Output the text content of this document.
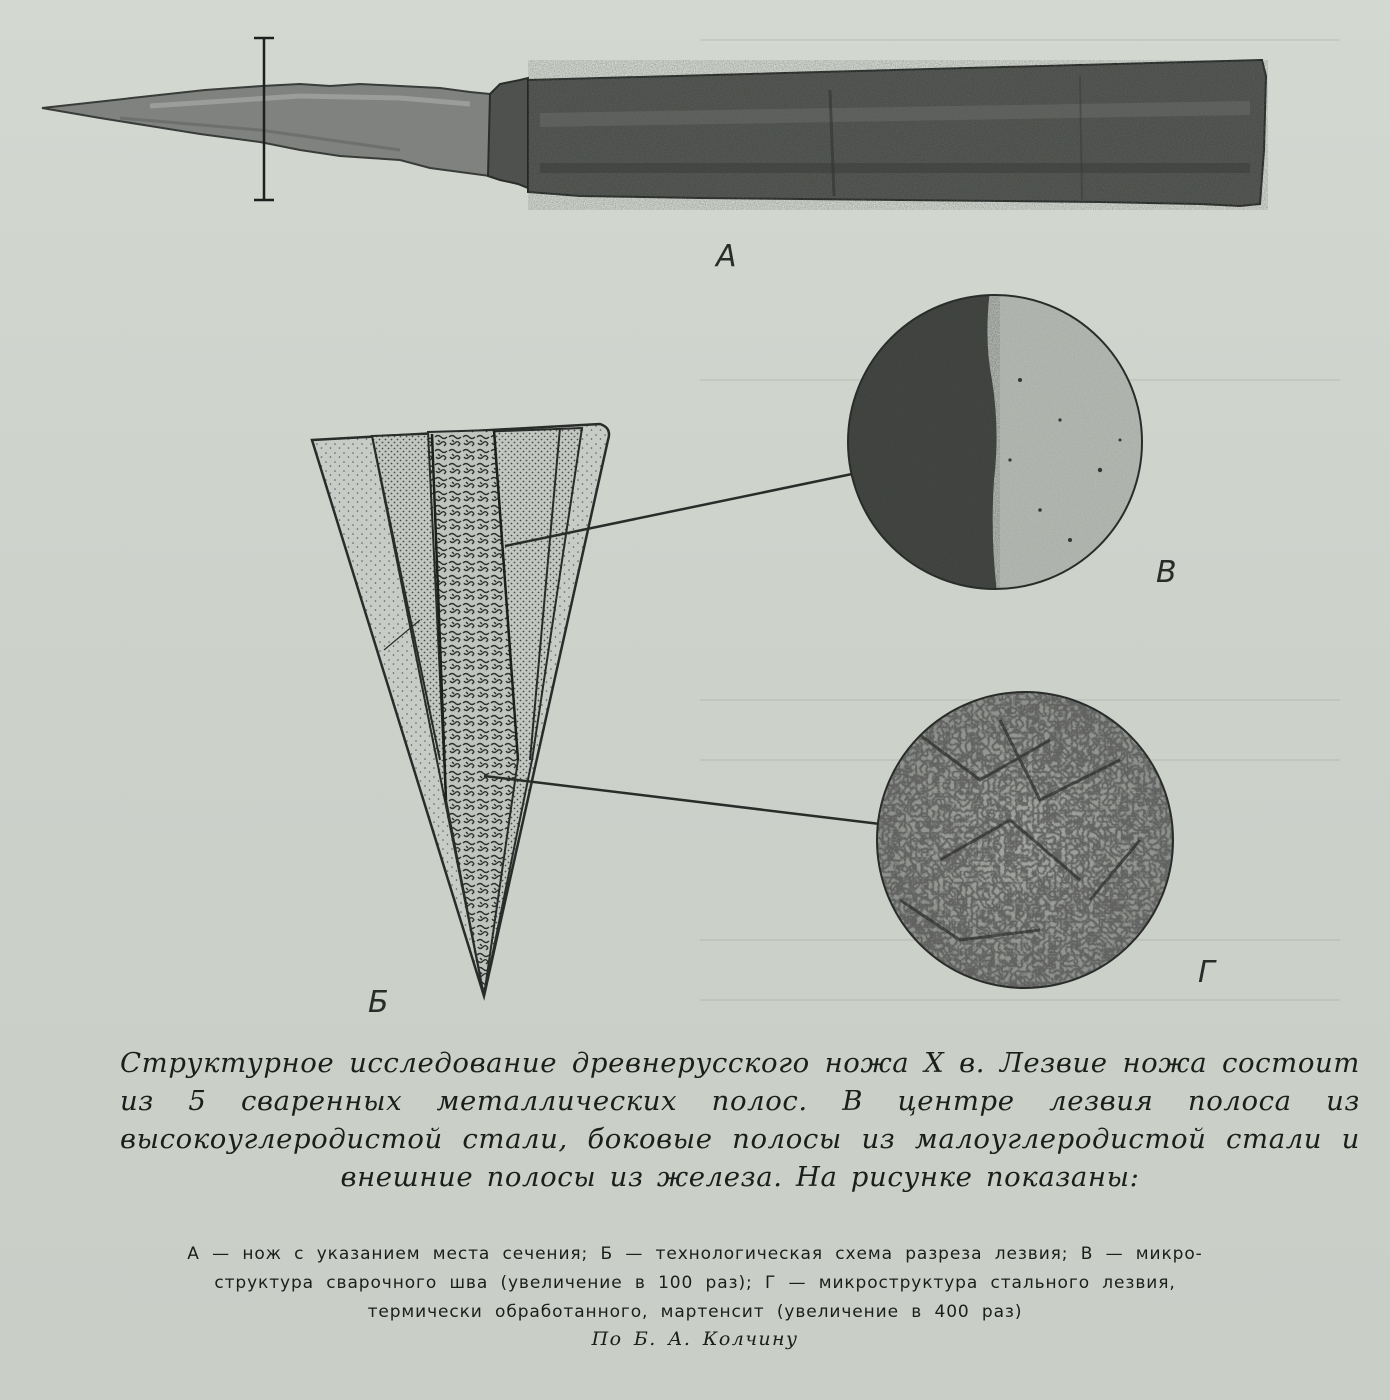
А
Б
В
Г
Структурное исследование древнерусского ножа X в. Лезвие ножа состоит из 5 сваренных металлических полос. В центре лезвия полоса из высокоуглеродистой стали, боковые полосы из малоуглеродистой стали и внешние полосы из железа. На рисунке показаны:
А — нож с указанием места сечения; Б — технологическая схема разреза лезвия; В — микро-
структура сварочного шва (увеличение в 100 раз); Г — микроструктура стального лезвия,
термически обработанного, мартенсит (увеличение в 400 раз)
По Б. А. Колчину
